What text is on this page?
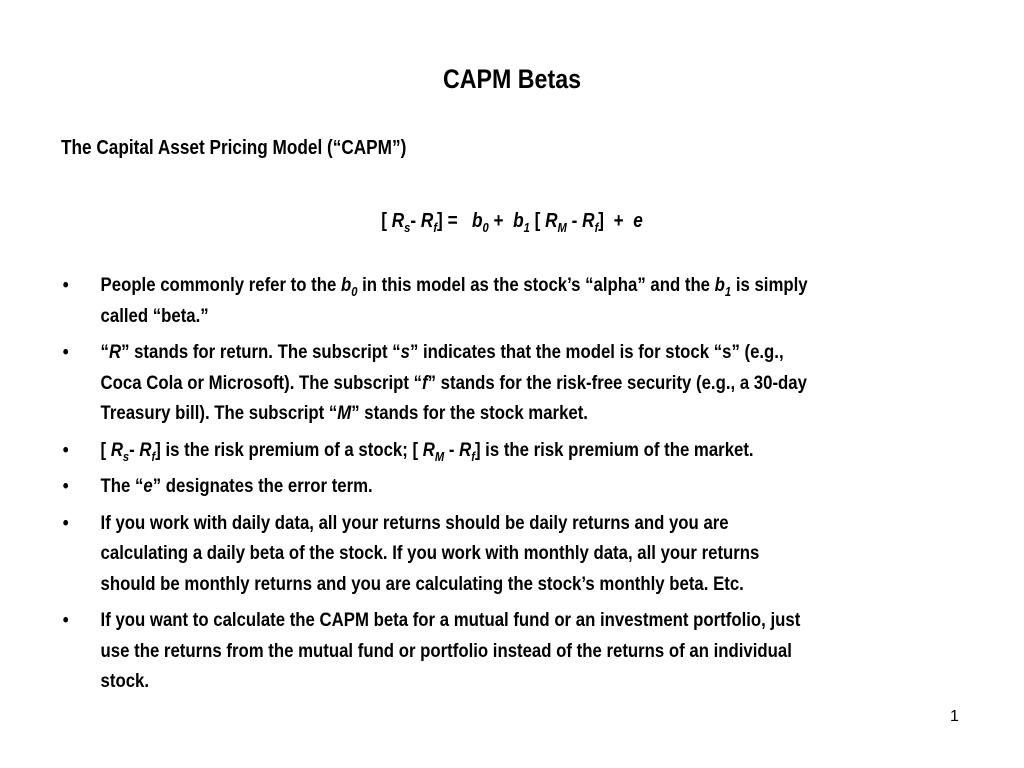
CAPM Betas
The Capital Asset Pricing Model (“CAPM”)
[ $R_s-$ $R_f] = b_0 + b_1$ [ $R_M - R_f] + e$
• People commonly refer to the $b_0$ in this model as the stock’s “alpha” and the $b_1$ is simply
called “beta.”
• “R” stands for return. The subscript “s” indicates that the model is for stock “s” (e.g.,
Coca Cola or Microsoft). The subscript “f” stands for the risk-free security (e.g., a 30-day
Treasury bill). The subscript “M” stands for the stock market.
• [ $R_s-$ $R_f$] is the risk premium of a stock; [ $R_M - R_f$] is the risk premium of the market.
• The “e” designates the error term.
• If you work with daily data, all your returns should be daily returns and you are
calculating a daily beta of the stock. If you work with monthly data, all your returns
should be monthly returns and you are calculating the stock’s monthly beta. Etc.
• If you want to calculate the CAPM beta for a mutual fund or an investment portfolio, just
use the returns from the mutual fund or portfolio instead of the returns of an individual
stock.
1
